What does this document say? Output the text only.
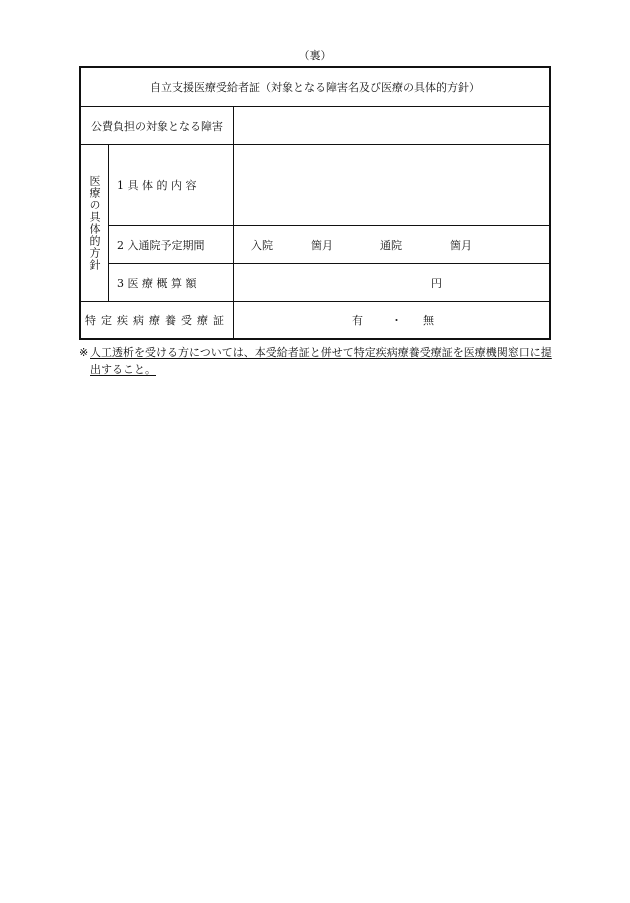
（裏）
自立支援医療受給者証（対象となる障害名及び医療の具体的方針）
公費負担の対象となる障害
医療の具体的方針	1 具 体 的 内 容
2 入通院予定期間	入院	箇月	通院	箇月
3 医 療 概 算 額	円
特定疾病療養受療証	有	・ 無
※ 人工透析を受ける方については、本受給者証と併せて特定疾病療養受療証を医療機関窓口に提出すること。
